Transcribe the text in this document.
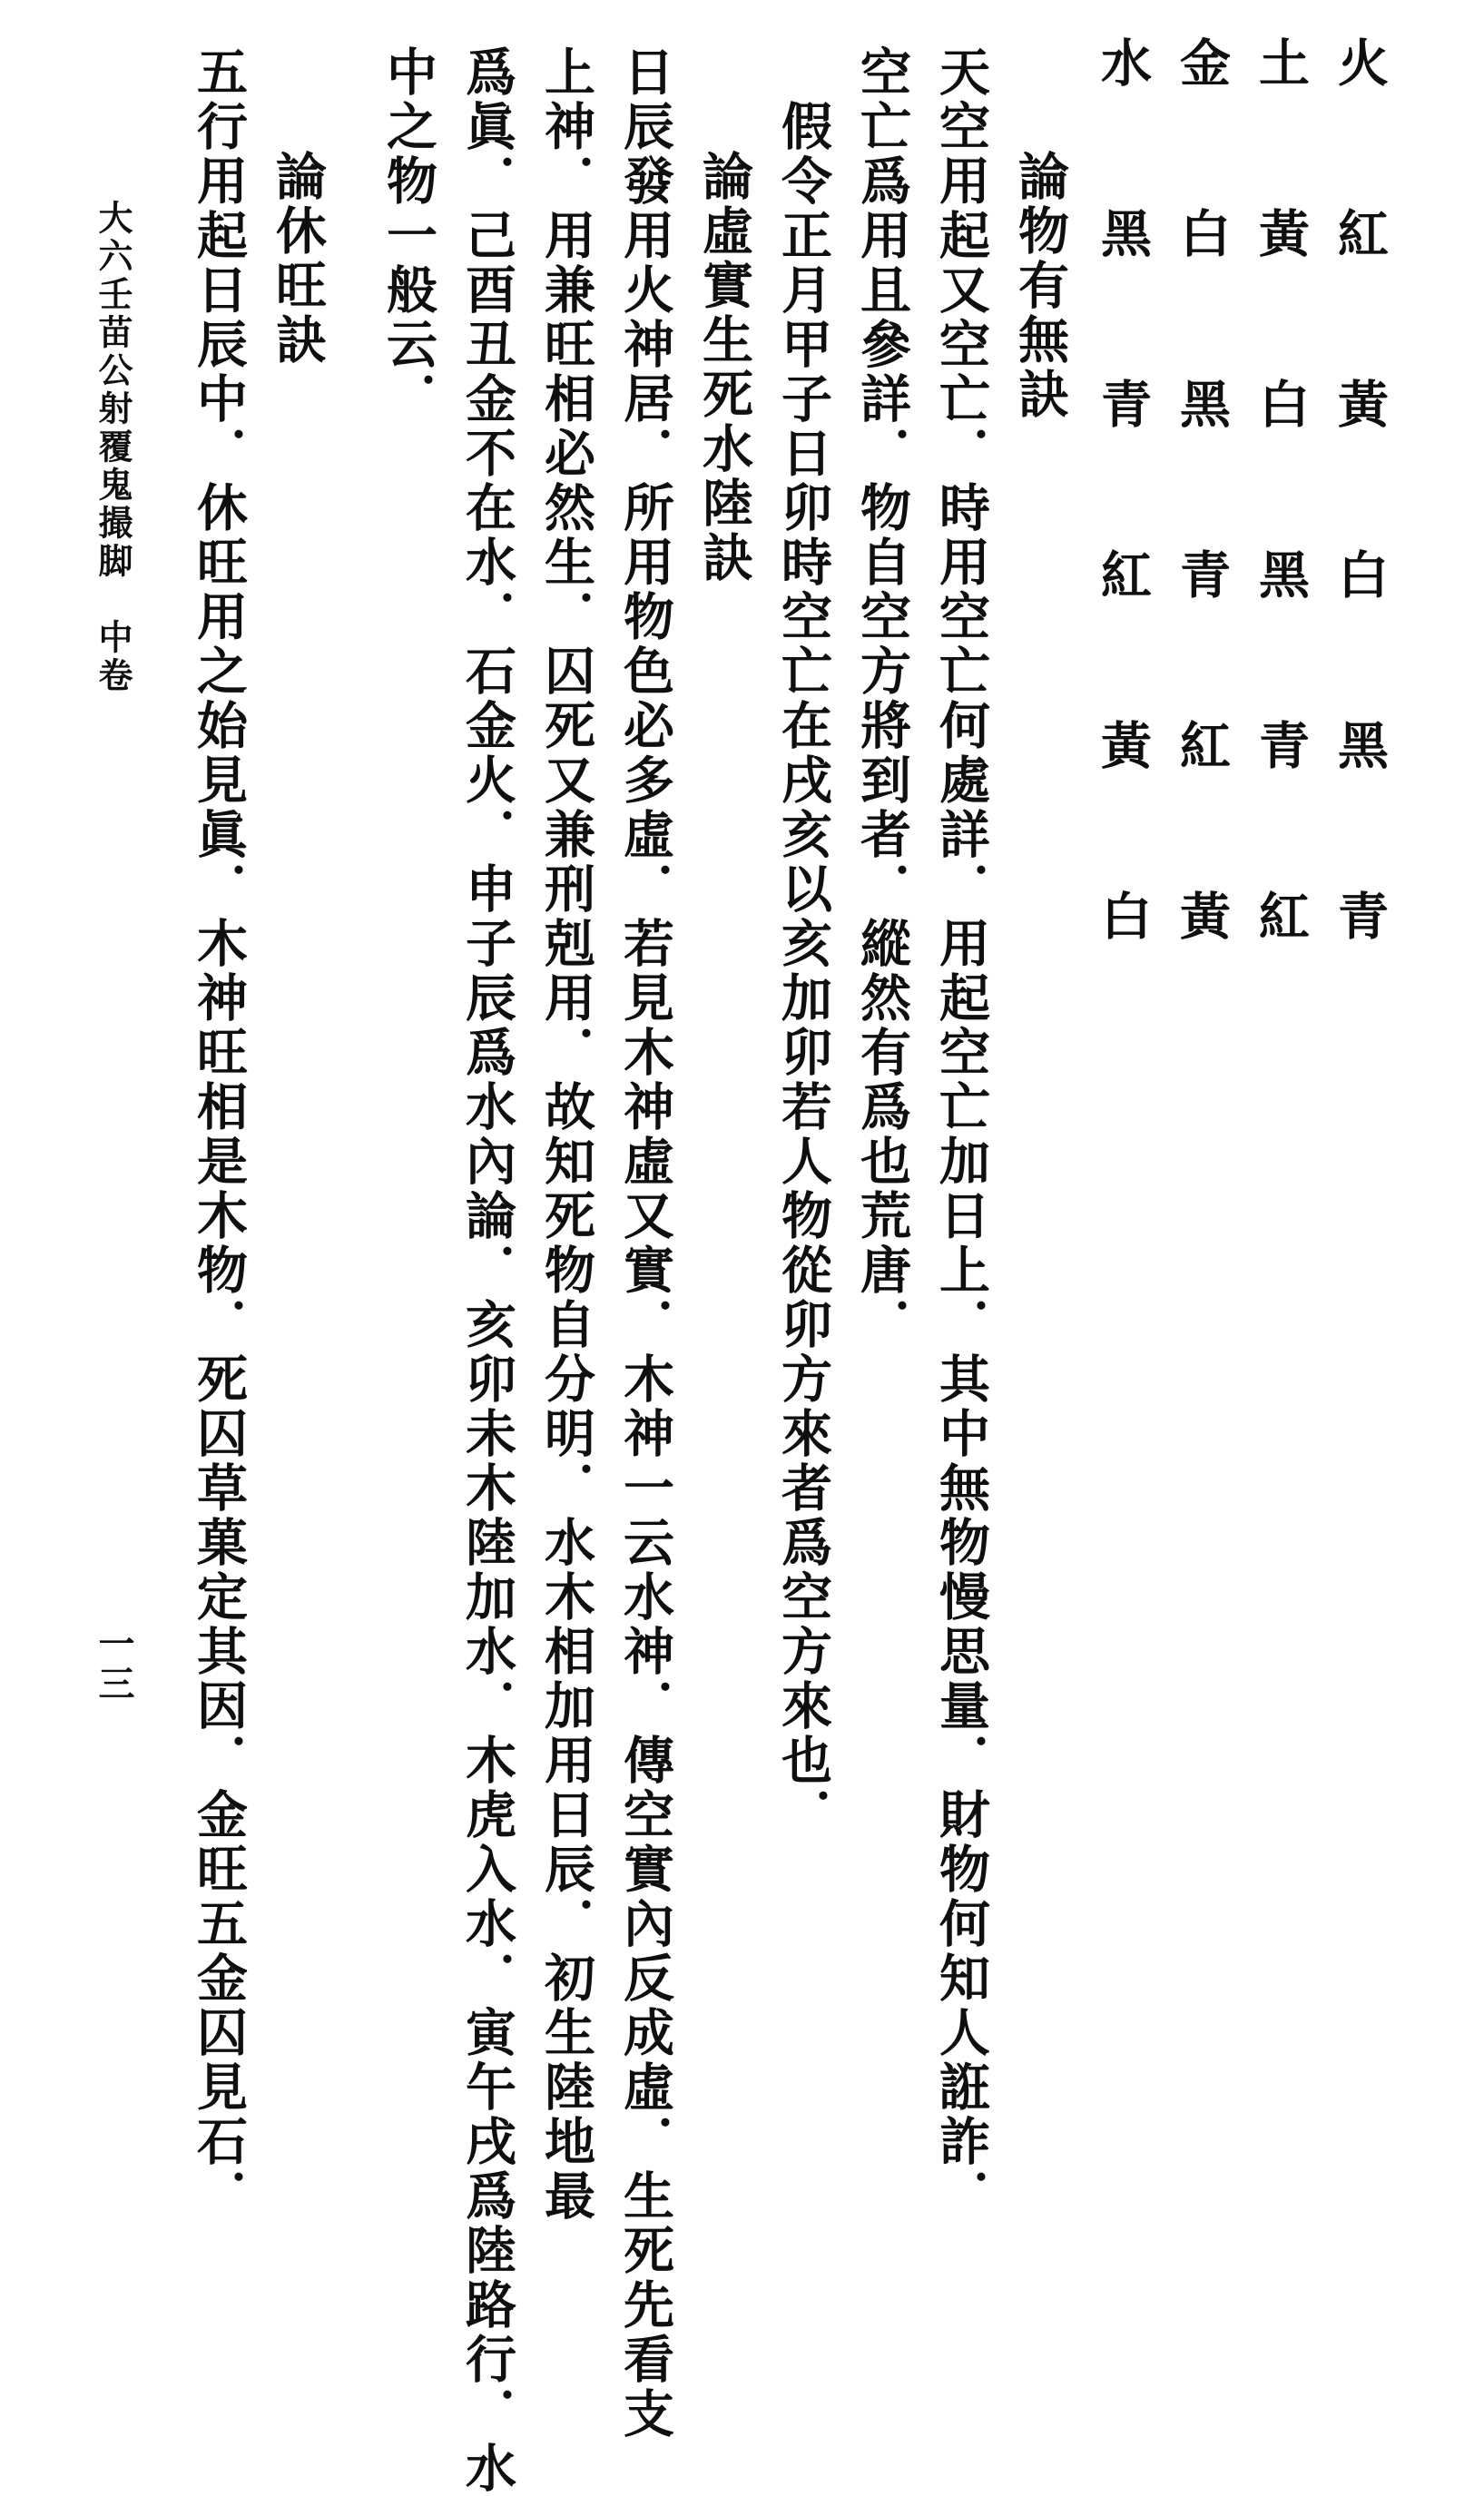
火  紅  黃  白  黑  青
土  黃  白  黑  青  紅
金  白  黑  青  紅  黃
水  黑  青  紅  黃  白
論物有無訣
天空用起又空亡．時用空亡何處詳．用起空亡加日上．其中無物慢思量．財物何知人誑詐．
空亡爲用且參詳．物自空方將到者．縱然有爲也荒唐．
假令正月甲子日卯時空亡在戌亥以亥加卯若人物從卯方來者爲空方來也．
論虛實生死水陸訣
日辰發用火神居．所用物色必多虛．若見木神虛又實．木神一云水神．傳空實內反成虛．生死先看支
上神．用兼旺相必然生．囚死又兼刑剋用．故知死物自分明．水木相加用日辰．初生陸地最
爲眞．己酉丑金不在水．石金火．申子辰爲水內論．亥卯未木陸加水．木虎入水．寅午戌爲陸路行．水
中之物一般云．
論休旺訣
五行用起日辰中．休旺用之始見眞．木神旺相是木物．死囚草菓定其因．金旺五金囚見石．
大六壬苗公射覆鬼撮脚　中卷
一三
